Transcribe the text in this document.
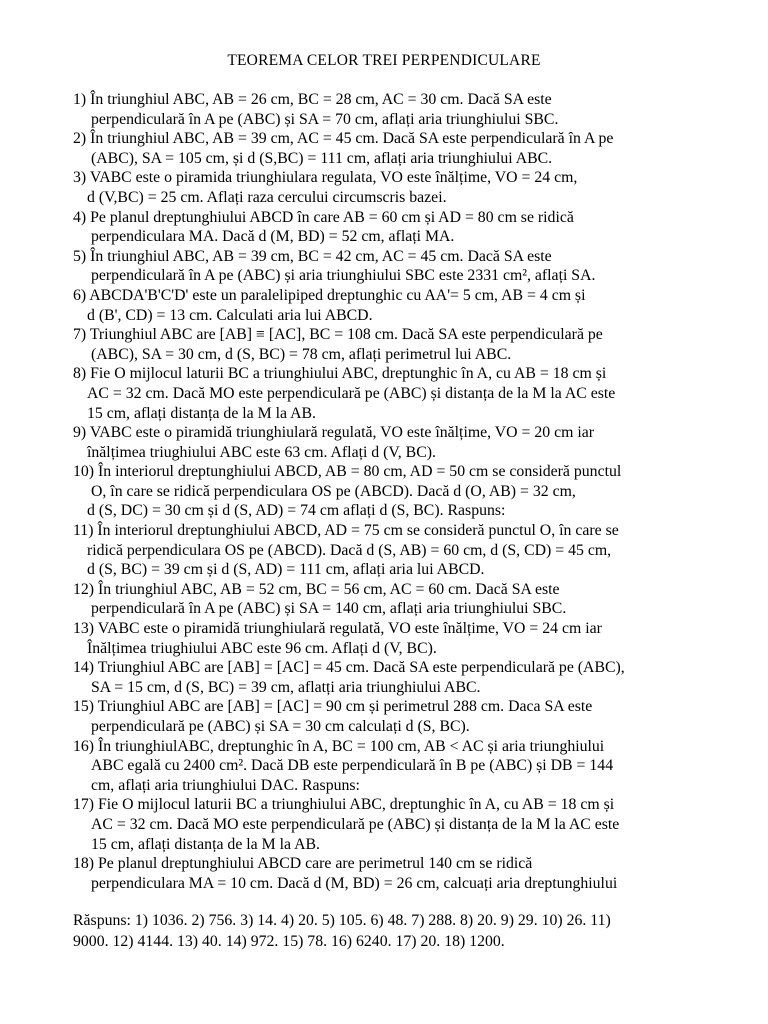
TEOREMA CELOR TREI PERPENDICULARE
1) În triunghiul ABC, AB = 26 cm, BC = 28 cm, AC = 30 cm. Dacă SA este
perpendiculară în A pe (ABC) și SA = 70 cm, aflați aria triunghiului SBC.
2) În triunghiul ABC, AB = 39 cm, AC = 45 cm. Dacă SA este perpendiculară în A pe
(ABC), SA = 105 cm, și d (S,BC) = 111 cm, aflați aria triunghiului ABC.
3) VABC este o piramida triunghiulara regulata, VO este înălțime, VO = 24 cm,
d (V,BC) = 25 cm. Aflați raza cercului circumscris bazei.
4) Pe planul dreptunghiului ABCD în care AB = 60 cm și AD = 80 cm se ridică
perpendiculara MA. Dacă d (M, BD) = 52 cm, aflați MA.
5) În triunghiul ABC, AB = 39 cm, BC = 42 cm, AC = 45 cm. Dacă SA este
perpendiculară în A pe (ABC) și aria triunghiului SBC este 2331 cm², aflați SA.
6) ABCDA'B'C'D' este un paralelipiped dreptunghic cu AA'= 5 cm, AB = 4 cm și
d (B', CD) = 13 cm. Calculati aria lui ABCD.
7) Triunghiul ABC are [AB] ≡ [AC], BC = 108 cm. Dacă SA este perpendiculară pe
(ABC), SA = 30 cm, d (S, BC) = 78 cm, aflați perimetrul lui ABC.
8) Fie O mijlocul laturii BC a triunghiului ABC, dreptunghic în A, cu AB = 18 cm și
AC = 32 cm. Dacă MO este perpendiculară pe (ABC) și distanța de la M la AC este
15 cm, aflați distanța de la M la AB.
9) VABC este o piramidă triunghiulară regulată, VO este înălțime, VO = 20 cm iar
înălțimea triughiului ABC este 63 cm. Aflați d (V, BC).
10) În interiorul dreptunghiului ABCD, AB = 80 cm, AD = 50 cm se consideră punctul
O, în care se ridică perpendiculara OS pe (ABCD). Dacă d (O, AB) = 32 cm,
d (S, DC) = 30 cm și d (S, AD) = 74 cm aflați d (S, BC). Raspuns:
11) În interiorul dreptunghiului ABCD, AD = 75 cm se consideră punctul O, în care se
ridică perpendiculara OS pe (ABCD). Dacă d (S, AB) = 60 cm, d (S, CD) = 45 cm,
d (S, BC) = 39 cm și d (S, AD) = 111 cm, aflați aria lui ABCD.
12) În triunghiul ABC, AB = 52 cm, BC = 56 cm, AC = 60 cm. Dacă SA este
perpendiculară în A pe (ABC) și SA = 140 cm, aflați aria triunghiului SBC.
13) VABC este o piramidă triunghiulară regulată, VO este înălțime, VO = 24 cm iar
Înălțimea triughiului ABC este 96 cm. Aflați d (V, BC).
14) Triunghiul ABC are [AB] = [AC] = 45 cm. Dacă SA este perpendiculară pe (ABC),
SA = 15 cm, d (S, BC) = 39 cm, aflatți aria triunghiului ABC.
15) Triunghiul ABC are [AB] = [AC] = 90 cm și perimetrul 288 cm. Daca SA este
perpendiculară pe (ABC) și SA = 30 cm calculați d (S, BC).
16) În triunghiulABC, dreptunghic în A, BC = 100 cm, AB < AC și aria triunghiului
ABC egală cu 2400 cm². Dacă DB este perpendiculară în B pe (ABC) și DB = 144
cm, aflați aria triunghiului DAC. Raspuns:
17) Fie O mijlocul laturii BC a triunghiului ABC, dreptunghic în A, cu AB = 18 cm și
AC = 32 cm. Dacă MO este perpendiculară pe (ABC) și distanța de la M la AC este
15 cm, aflați distanța de la M la AB.
18) Pe planul dreptunghiului ABCD care are perimetrul 140 cm se ridică
perpendiculara MA = 10 cm. Dacă d (M, BD) = 26 cm, calcuați aria dreptunghiului
Răspuns: 1) 1036. 2) 756. 3) 14. 4) 20. 5) 105. 6) 48. 7) 288. 8) 20. 9) 29. 10) 26. 11)
9000. 12) 4144. 13) 40. 14) 972. 15) 78. 16) 6240. 17) 20. 18) 1200.
